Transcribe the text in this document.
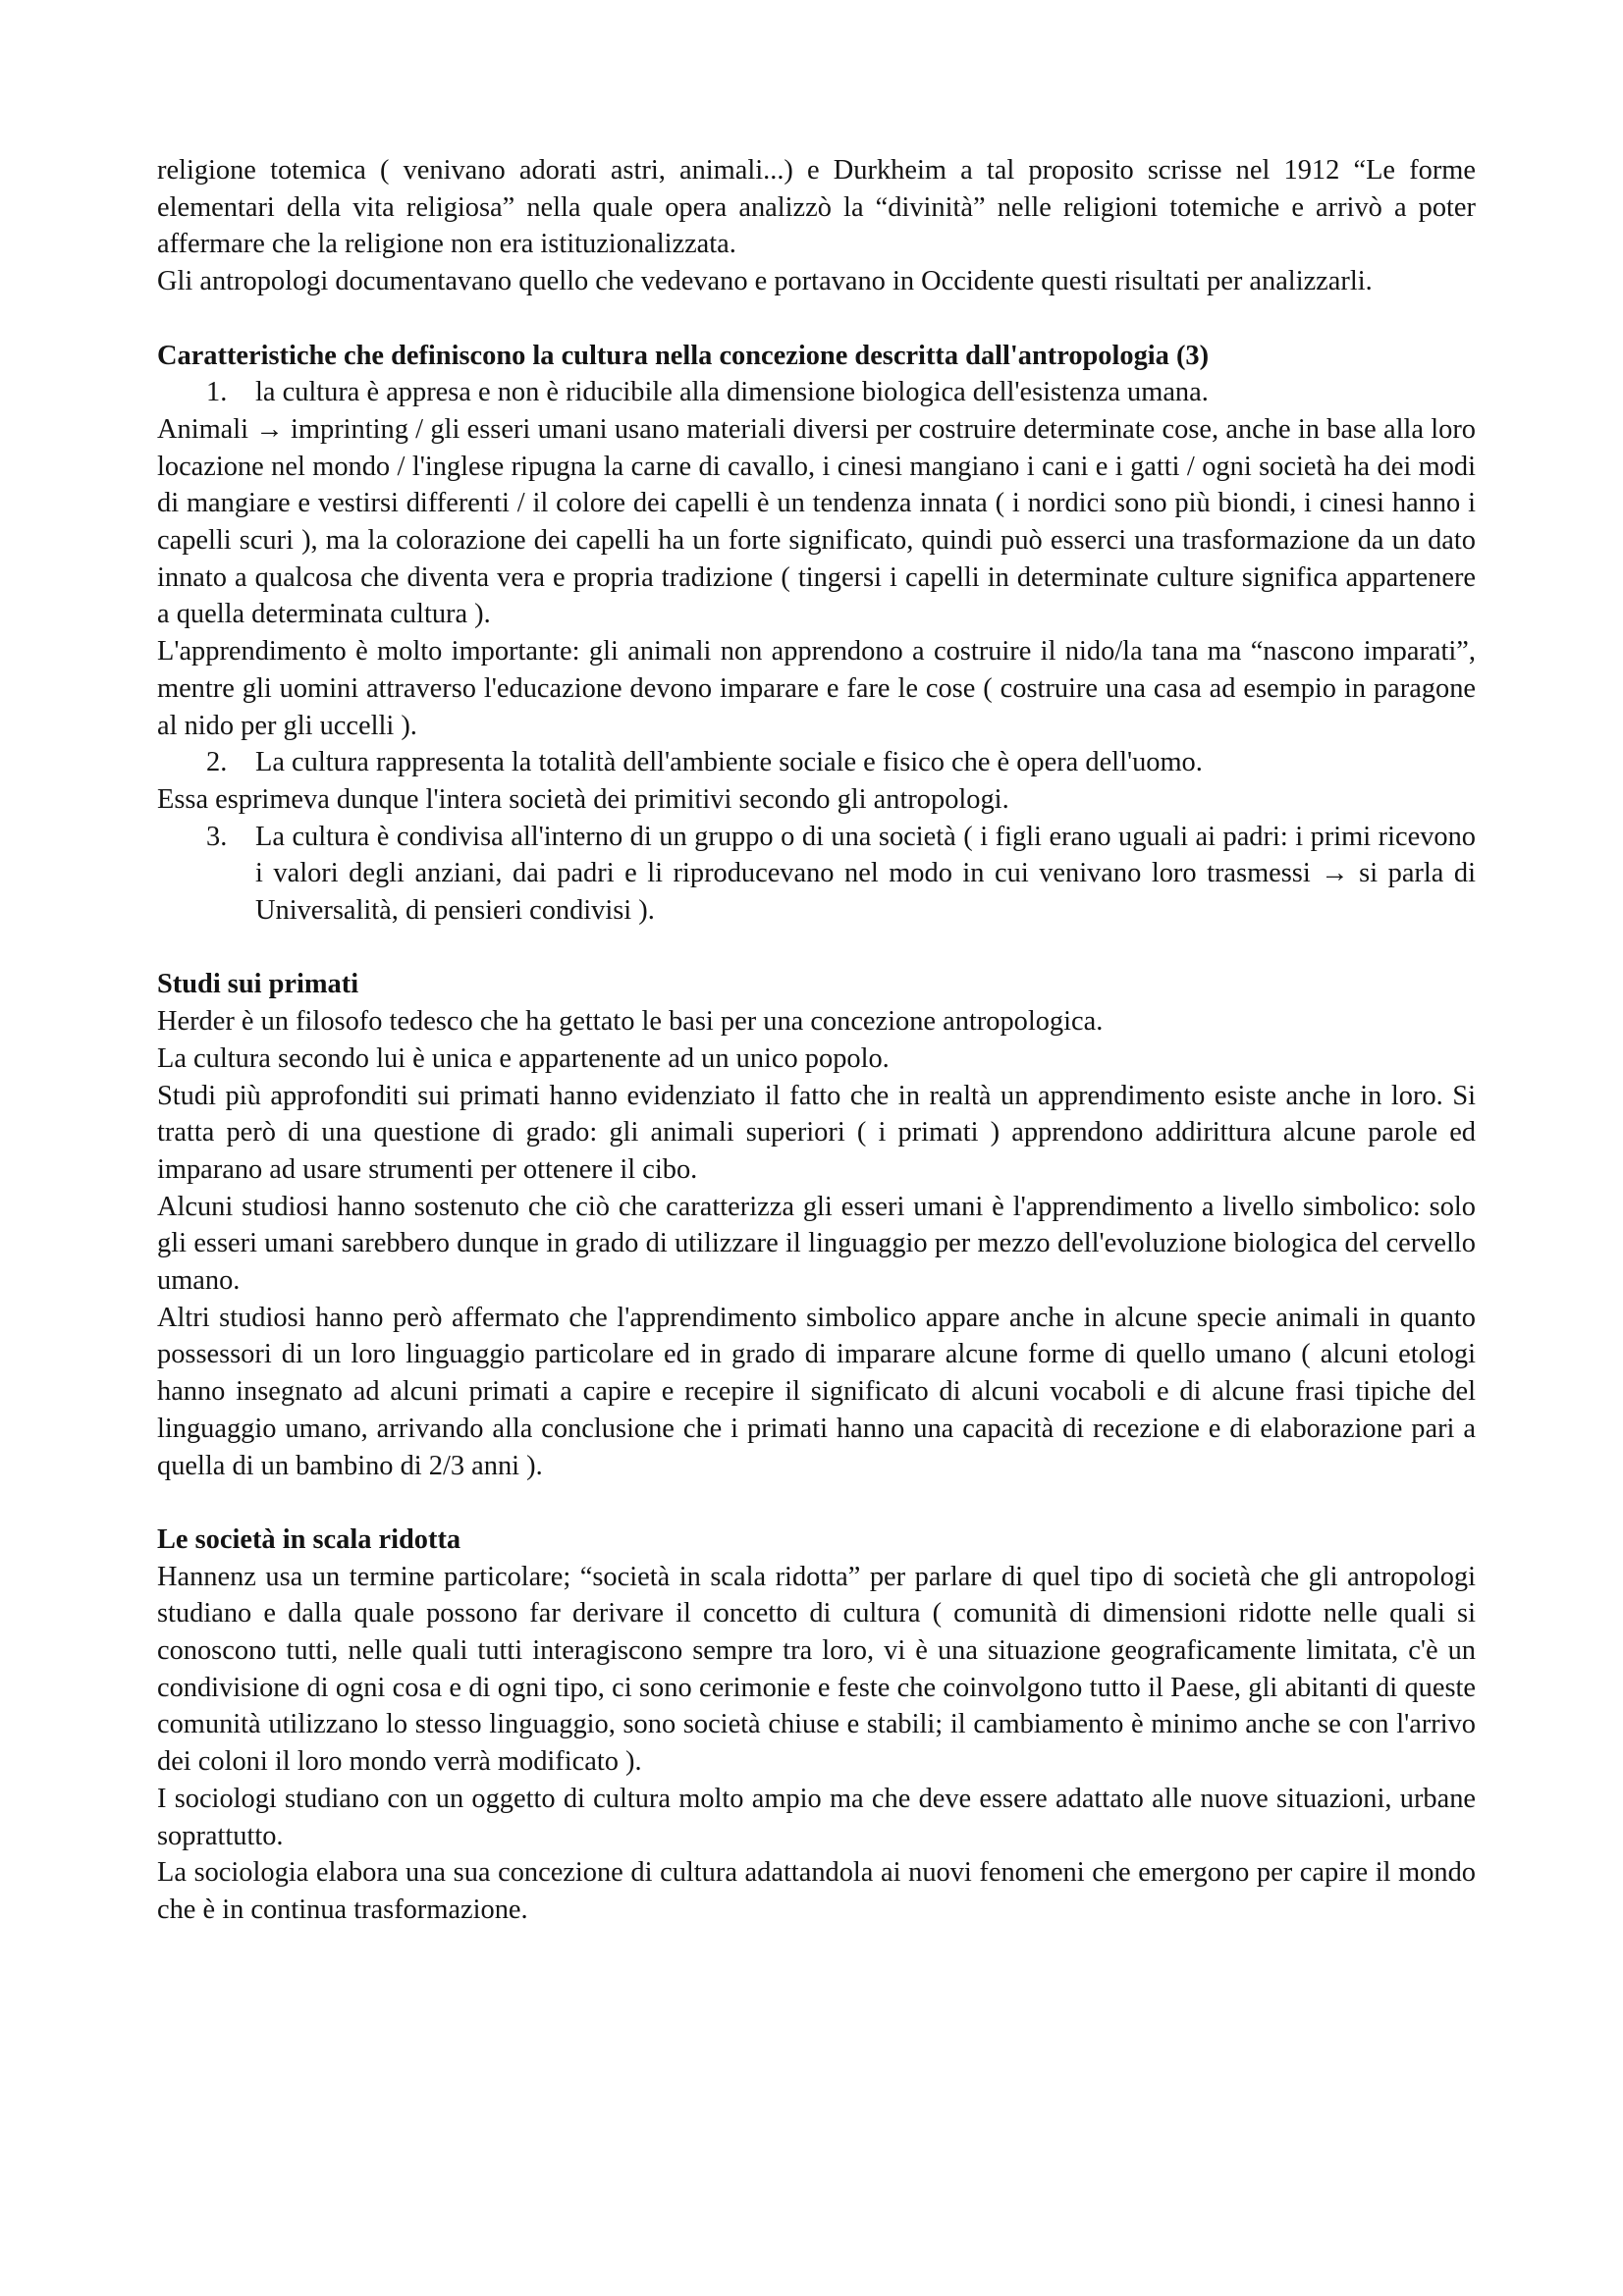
religione totemica ( venivano adorati astri, animali...) e Durkheim a tal proposito scrisse nel 1912 “Le forme elementari della vita religiosa” nella quale opera analizzò la “divinità” nelle religioni totemiche e arrivò a poter affermare che la religione non era istituzionalizzata.

Gli antropologi documentavano quello che vedevano e portavano in Occidente questi risultati per analizzarli.

Caratteristiche che definiscono la cultura nella concezione descritta dall'antropologia (3)

1. la cultura è appresa e non è riducibile alla dimensione biologica dell'esistenza umana.

Animali → imprinting / gli esseri umani usano materiali diversi per costruire determinate cose, anche in base alla loro locazione nel mondo / l'inglese ripugna la carne di cavallo, i cinesi mangiano i cani e i gatti / ogni società ha dei modi di mangiare e vestirsi differenti / il colore dei capelli è un tendenza innata ( i nordici sono più biondi, i cinesi hanno i capelli scuri ), ma la colorazione dei capelli ha un forte significato, quindi può esserci una trasformazione da un dato innato a qualcosa che diventa vera e propria tradizione ( tingersi i capelli in determinate culture significa appartenere a quella determinata cultura ).

L'apprendimento è molto importante: gli animali non apprendono a costruire il nido/la tana ma “nascono imparati”, mentre gli uomini attraverso l'educazione devono imparare e fare le cose ( costruire una casa ad esempio in paragone al nido per gli uccelli ).

2. La cultura rappresenta la totalità dell'ambiente sociale e fisico che è opera dell'uomo.

Essa esprimeva dunque l'intera società dei primitivi secondo gli antropologi.

3. La cultura è condivisa all'interno di un gruppo o di una società ( i figli erano uguali ai padri: i primi ricevono i valori degli anziani, dai padri e li riproducevano nel modo in cui venivano loro trasmessi → si parla di Universalità, di pensieri condivisi ).

Studi sui primati

Herder è un filosofo tedesco che ha gettato le basi per una concezione antropologica.

La cultura secondo lui è unica e appartenente ad un unico popolo.

Studi più approfonditi sui primati hanno evidenziato il fatto che in realtà un apprendimento esiste anche in loro. Si tratta però di una questione di grado: gli animali superiori ( i primati ) apprendono addirittura alcune parole ed imparano ad usare strumenti per ottenere il cibo.

Alcuni studiosi hanno sostenuto che ciò che caratterizza gli esseri umani è l'apprendimento a livello simbolico: solo gli esseri umani sarebbero dunque in grado di utilizzare il linguaggio per mezzo dell'evoluzione biologica del cervello umano.

Altri studiosi hanno però affermato che l'apprendimento simbolico appare anche in alcune specie animali in quanto possessori di un loro linguaggio particolare ed in grado di imparare alcune forme di quello umano ( alcuni etologi hanno insegnato ad alcuni primati a capire e recepire il significato di alcuni vocaboli e di alcune frasi tipiche del linguaggio umano, arrivando alla conclusione che i primati hanno una capacità di recezione e di elaborazione pari a quella di un bambino di 2/3 anni ).

Le società in scala ridotta

Hannenz usa un termine particolare; “società in scala ridotta” per parlare di quel tipo di società che gli antropologi studiano e dalla quale possono far derivare il concetto di cultura ( comunità di dimensioni ridotte nelle quali si conoscono tutti, nelle quali tutti interagiscono sempre tra loro, vi è una situazione geograficamente limitata, c'è un condivisione di ogni cosa e di ogni tipo, ci sono cerimonie e feste che coinvolgono tutto il Paese, gli abitanti di queste comunità utilizzano lo stesso linguaggio, sono società chiuse e stabili; il cambiamento è minimo anche se con l'arrivo dei coloni il loro mondo verrà modificato ).

I sociologi studiano con un oggetto di cultura molto ampio ma che deve essere adattato alle nuove situazioni, urbane soprattutto.

La sociologia elabora una sua concezione di cultura adattandola ai nuovi fenomeni che emergono per capire il mondo che è in continua trasformazione.
